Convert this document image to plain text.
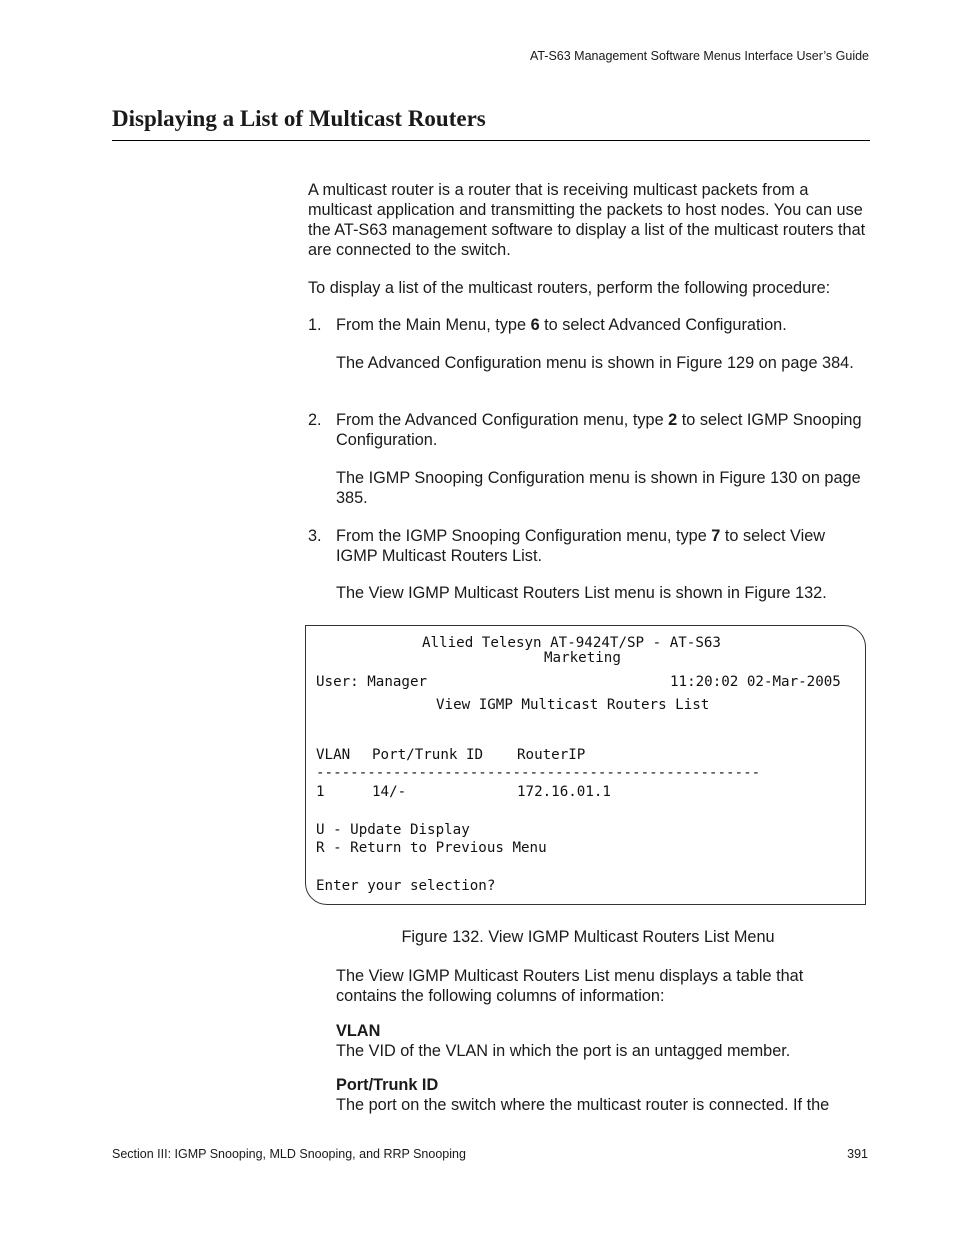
AT-S63 Management Software Menus Interface User’s Guide
Displaying a List of Multicast Routers

A multicast router is a router that is receiving multicast packets from a multicast application and transmitting the packets to host nodes. You can use the AT-S63 management software to display a list of the multicast routers that are connected to the switch.

To display a list of the multicast routers, perform the following procedure:

1. From the Main Menu, type 6 to select Advanced Configuration.

The Advanced Configuration menu is shown in Figure 129 on page 384.

2. From the Advanced Configuration menu, type 2 to select IGMP Snooping Configuration.

The IGMP Snooping Configuration menu is shown in Figure 130 on page 385.

3. From the IGMP Snooping Configuration menu, type 7 to select View IGMP Multicast Routers List.

The View IGMP Multicast Routers List menu is shown in Figure 132.

Allied Telesyn AT-9424T/SP - AT-S63
Marketing
User: Manager	11:20:02 02-Mar-2005
View IGMP Multicast Routers List
VLAN Port/Trunk ID RouterIP
----------------------------------------------------
1	14/-	172.16.01.1
U - Update Display
R - Return to Previous Menu
Enter your selection?
Figure 132. View IGMP Multicast Routers List Menu

The View IGMP Multicast Routers List menu displays a table that contains the following columns of information:

VLAN

The VID of the VLAN in which the port is an untagged member.

Port/Trunk ID

The port on the switch where the multicast router is connected. If the

Section III: IGMP Snooping, MLD Snooping, and RRP Snooping	391
